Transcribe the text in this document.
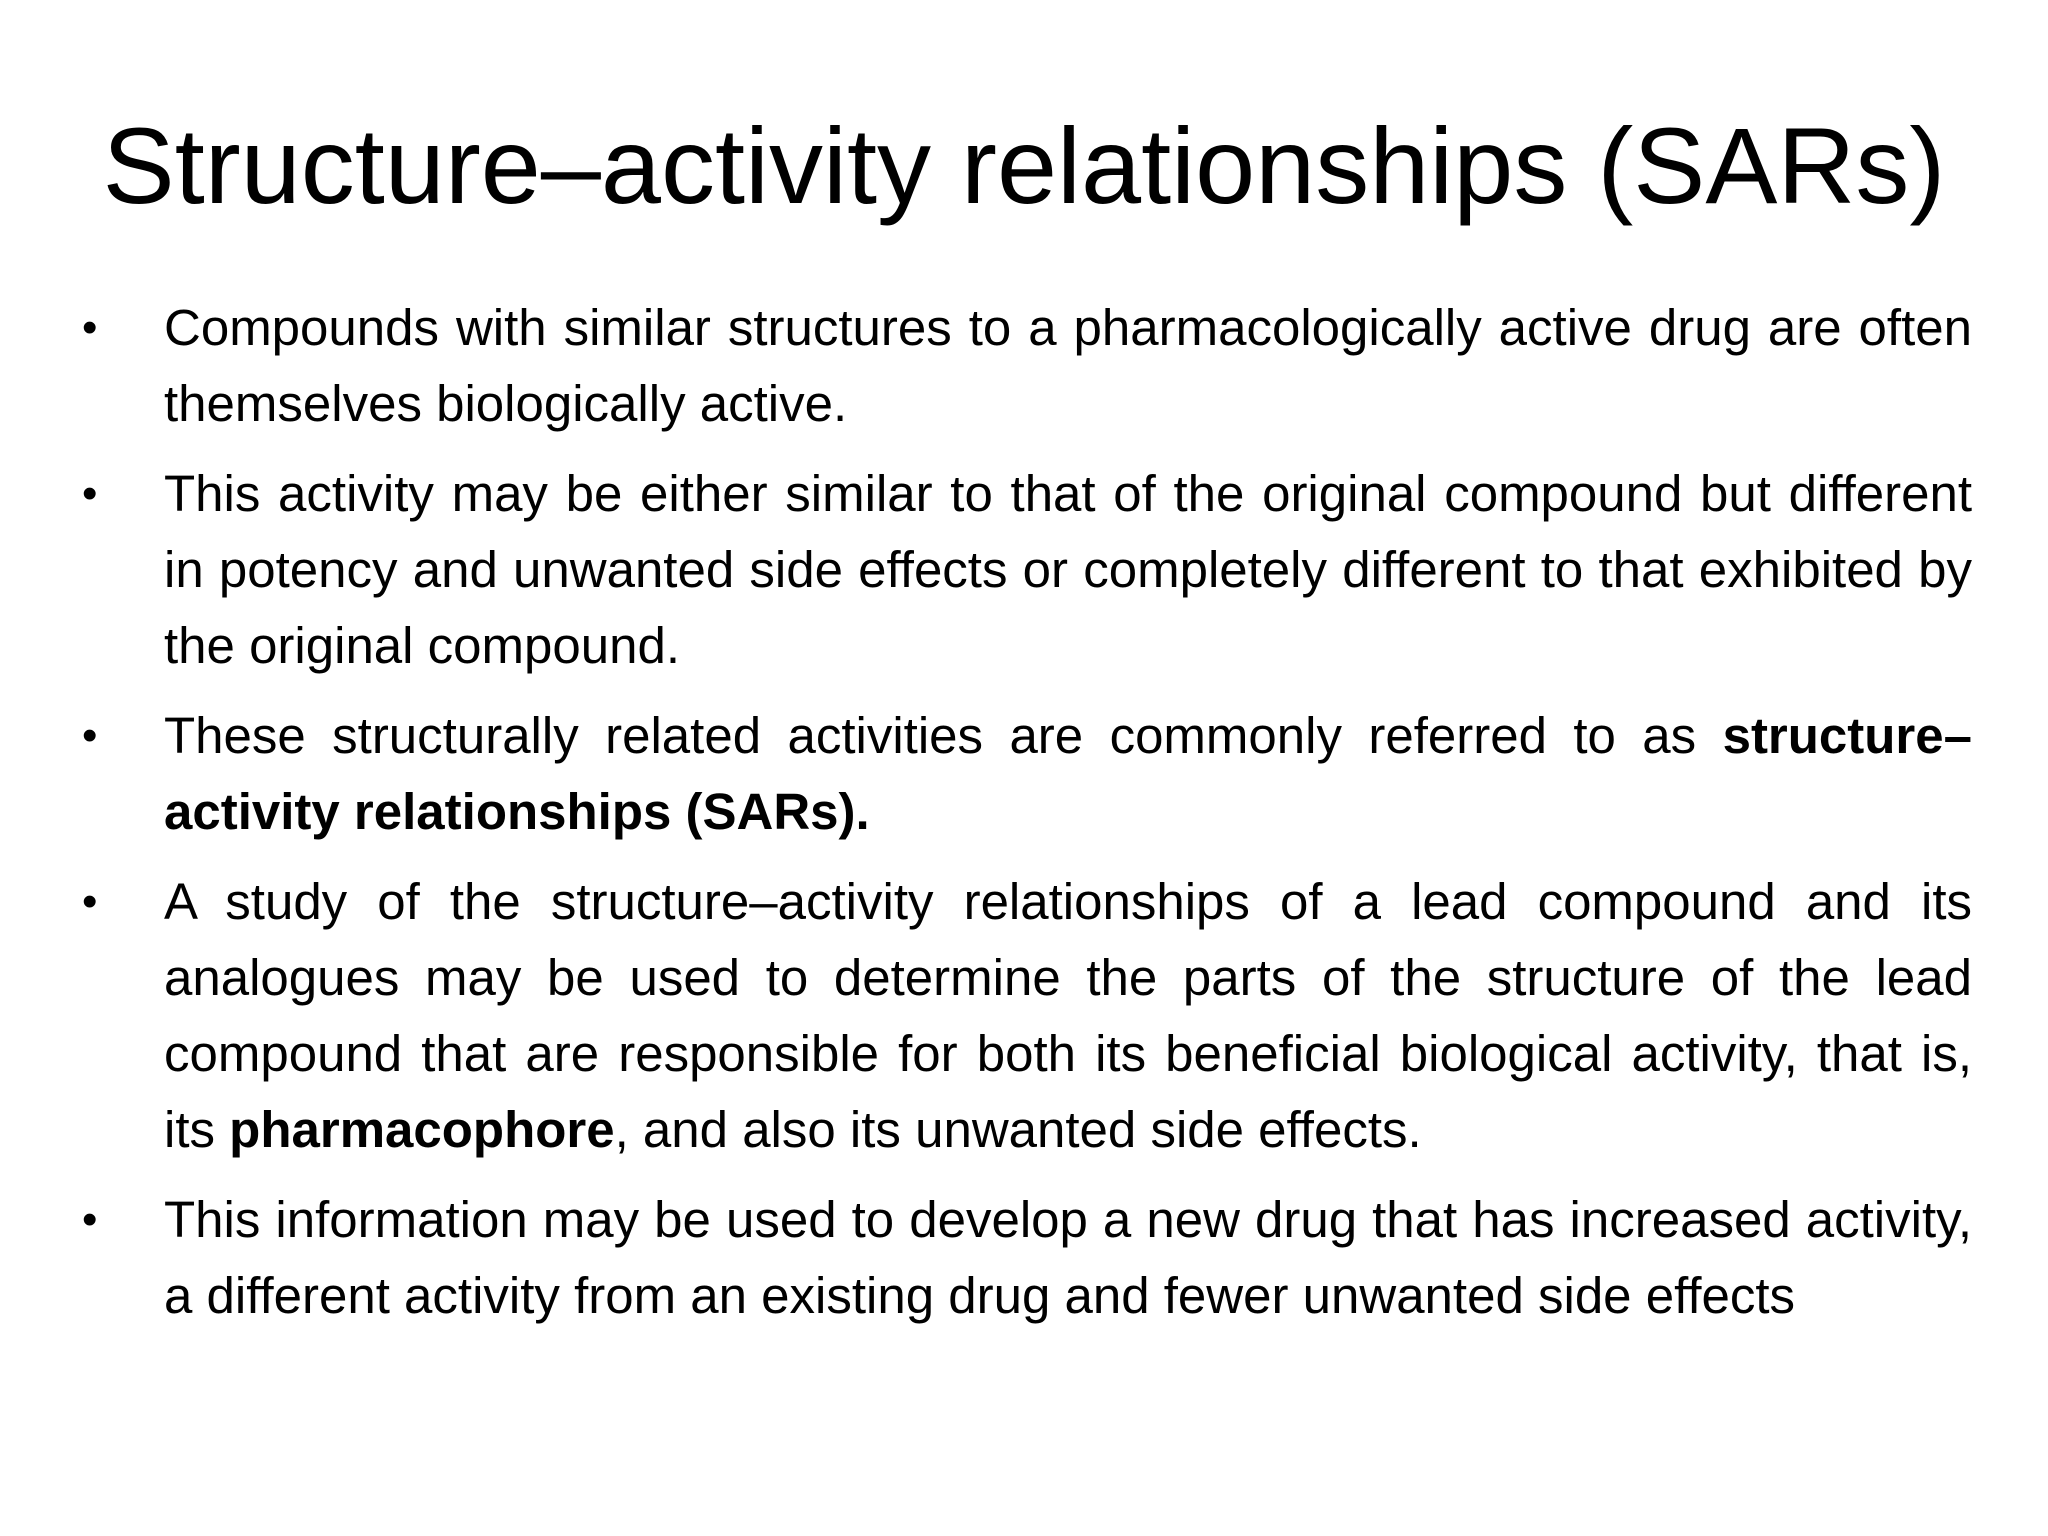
Structure–activity relationships (SARs)
•	Compounds with similar structures to a pharmacologically active drug are often themselves biologically active.
•	This activity may be either similar to that of the original compound but different in potency and unwanted side effects or completely different to that exhibited by the original compound.
•	These structurally related activities are commonly referred to as structure–activity relationships (SARs).
•	A study of the structure–activity relationships of a lead compound and its analogues may be used to determine the parts of the structure of the lead compound that are responsible for both its beneficial biological activity, that is, its pharmacophore, and also its unwanted side effects.
•	This information may be used to develop a new drug that has increased activity, a different activity from an existing drug and fewer unwanted side effects
